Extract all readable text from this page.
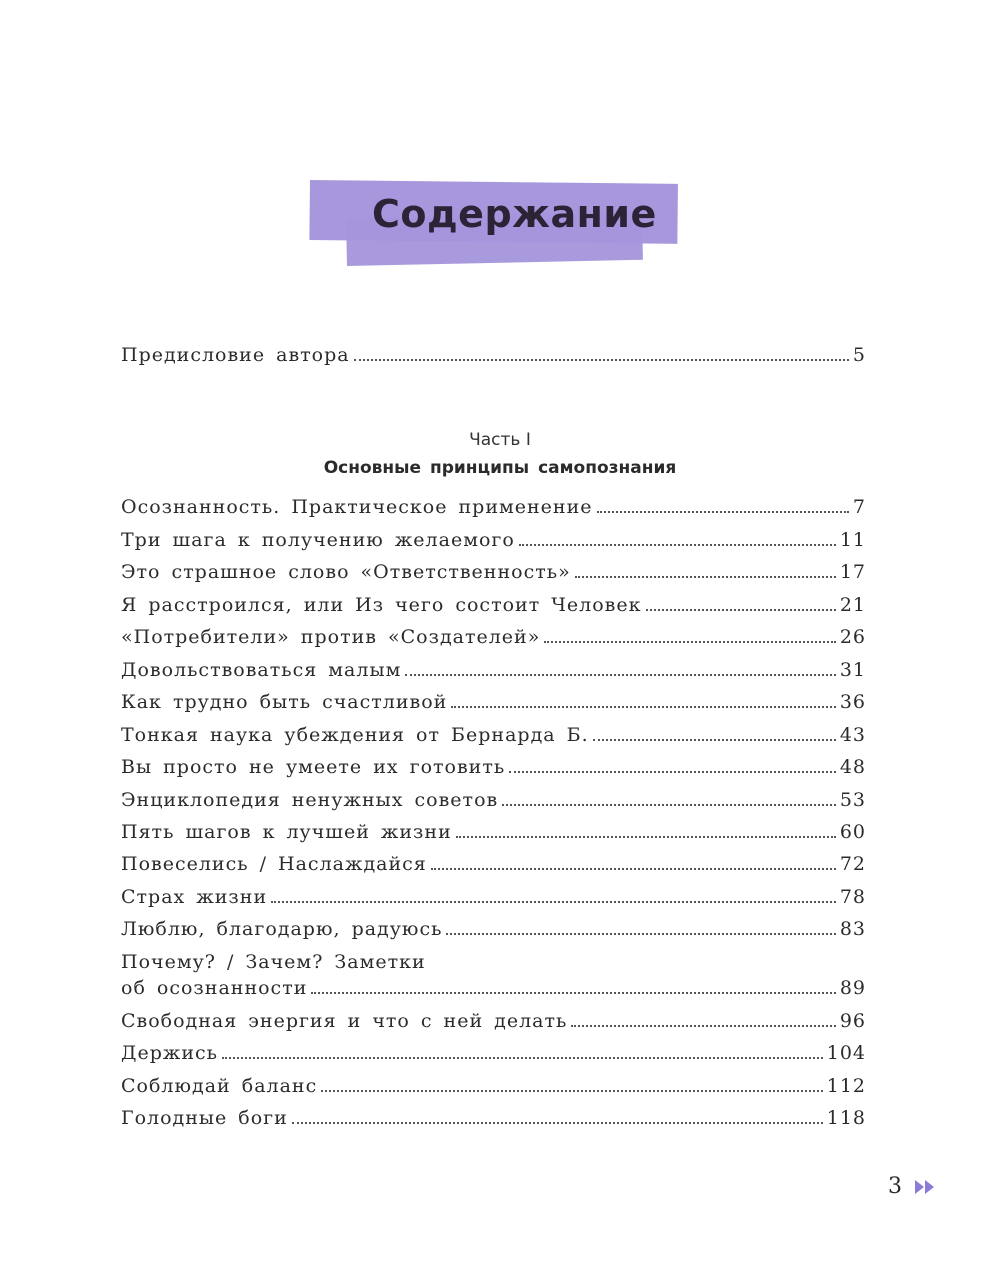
Содержание
Предисловие автора	5
Часть I
Основные принципы самопознания
Осознанность. Практическое применение	7
Три шага к получению желаемого	11
Это страшное слово «Ответственность»	17
Я расстроился, или Из чего состоит Человек	21
«Потребители» против «Создателей»	26
Довольствоваться малым	31
Как трудно быть счастливой	36
Тонкая наука убеждения от Бернарда Б.	43
Вы просто не умеете их готовить	48
Энциклопедия ненужных советов	53
Пять шагов к лучшей жизни	60
Повеселись / Наслаждайся	72
Страх жизни	78
Люблю, благодарю, радуюсь	83
Почему? / Зачем? Заметки
об осознанности	89
Свободная энергия и что с ней делать	96
Держись	104
Соблюдай баланс	112
Голодные боги	118
3
